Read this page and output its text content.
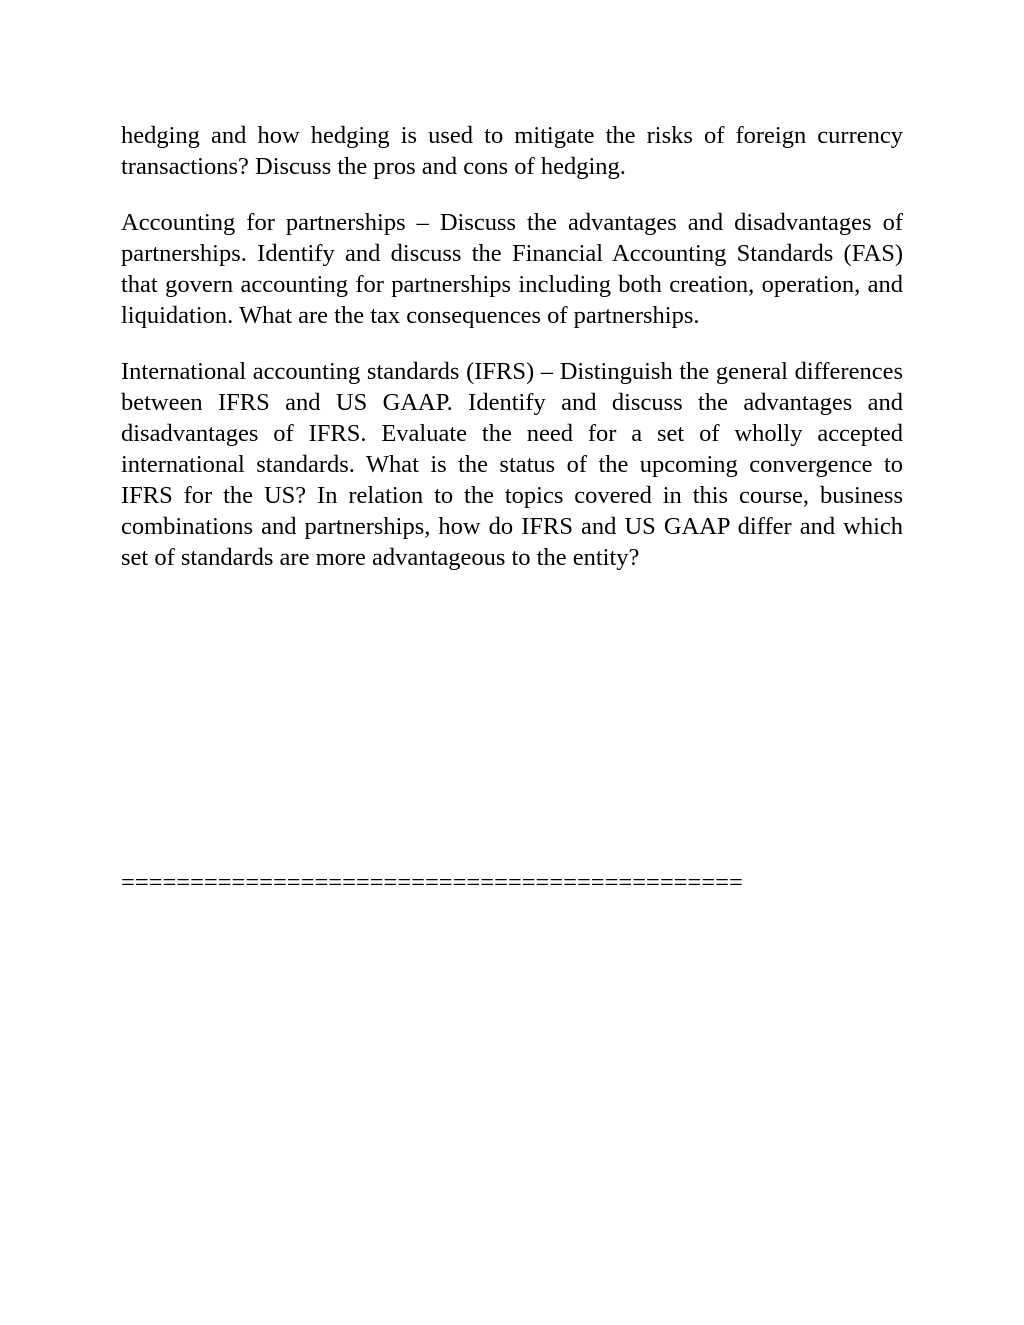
hedging and how hedging is used to mitigate the risks of foreign currency transactions? Discuss the pros and cons of hedging.

Accounting for partnerships – Discuss the advantages and disadvantages of partnerships. Identify and discuss the Financial Accounting Standards (FAS) that govern accounting for partnerships including both creation, operation, and liquidation. What are the tax consequences of partnerships.

International accounting standards (IFRS) – Distinguish the general differences between IFRS and US GAAP. Identify and discuss the advantages and disadvantages of IFRS. Evaluate the need for a set of wholly accepted international standards. What is the status of the upcoming convergence to IFRS for the US? In relation to the topics covered in this course, business combinations and partnerships, how do IFRS and US GAAP differ and which set of standards are more advantageous to the entity?

=============================================
